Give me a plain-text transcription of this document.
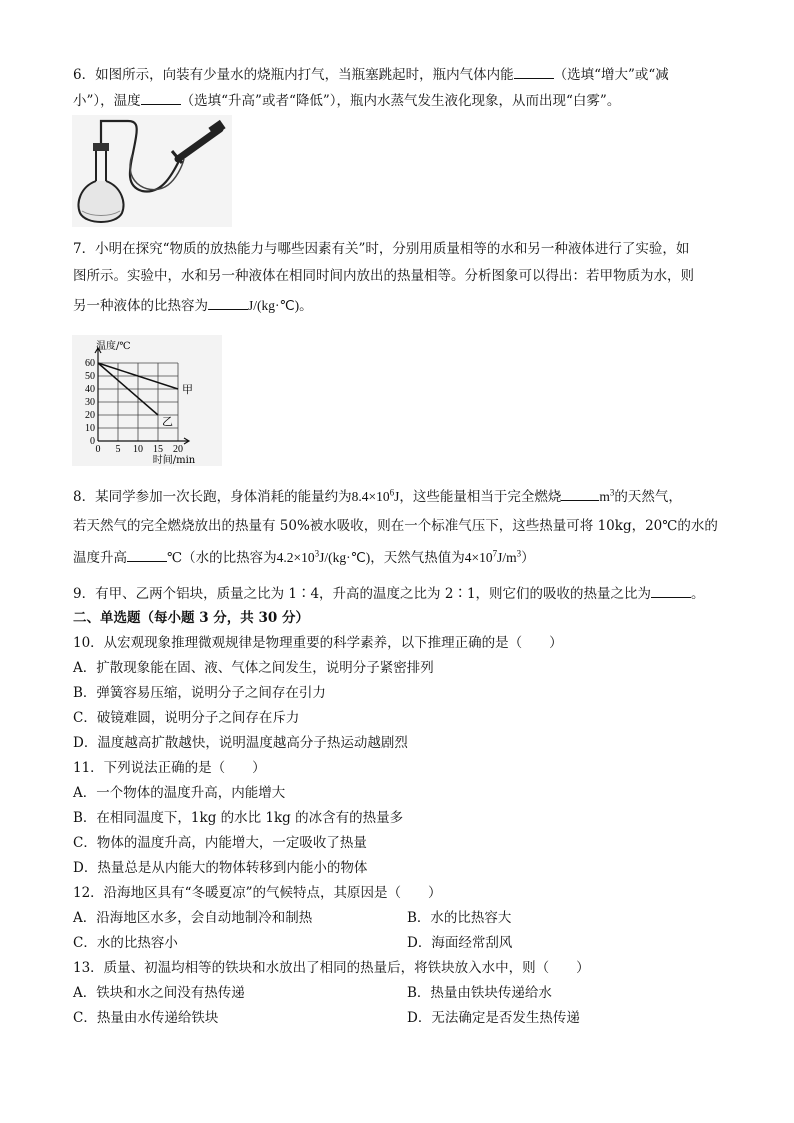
6．如图所示，向装有少量水的烧瓶内打气，当瓶塞跳起时，瓶内气体内能	（选填“增大”或“减
小”），温度	（选填“升高”或者“降低”），瓶内水蒸气发生液化现象，从而出现“白雾”。
7．小明在探究“物质的放热能力与哪些因素有关”时，分别用质量相等的水和另一种液体进行了实验，如
图所示。实验中，水和另一种液体在相同时间内放出的热量相等。分析图象可以得出：若甲物质为水，则
另一种液体的比热容为	J/(kg·℃)。
0
10
20
30
40
50
60
0 5 10 15 20
甲
乙
温度/℃
时间/min
8．某同学参加一次长跑，身体消耗的能量约为$8.4\times 10^6J$，这些能量相当于完全燃烧	$m^3$的天然气，
若天然气的完全燃烧放出的热量有 50%被水吸收，则在一个标准气压下，这些热量可将 10kg，20℃的水的
温度升高	℃（水的比热容为$4.2\times 10^3J/(kg\cdot℃)$，天然气热值为$4\times 10^7J/m^3$）
9．有甲、乙两个铝块，质量之比为 1∶4，升高的温度之比为 2∶1，则它们的吸收的热量之比为	。
二、单选题（每小题 3 分，共 30 分）
10．从宏观现象推理微观规律是物理重要的科学素养，以下推理正确的是（　　）
A．扩散现象能在固、液、气体之间发生，说明分子紧密排列
B．弹簧容易压缩，说明分子之间存在引力
C．破镜难圆，说明分子之间存在斥力
D．温度越高扩散越快，说明温度越高分子热运动越剧烈
11．下列说法正确的是（　　）
A．一个物体的温度升高，内能增大
B．在相同温度下，1kg 的水比 1kg 的冰含有的热量多
C．物体的温度升高，内能增大，一定吸收了热量
D．热量总是从内能大的物体转移到内能小的物体
12．沿海地区具有“冬暖夏凉”的气候特点，其原因是（　　）
A．沿海地区水多，会自动地制冷和制热	B．水的比热容大
C．水的比热容小	D．海面经常刮风
13．质量、初温均相等的铁块和水放出了相同的热量后，将铁块放入水中，则（　　）
A．铁块和水之间没有热传递	B．热量由铁块传递给水
C．热量由水传递给铁块	D．无法确定是否发生热传递
